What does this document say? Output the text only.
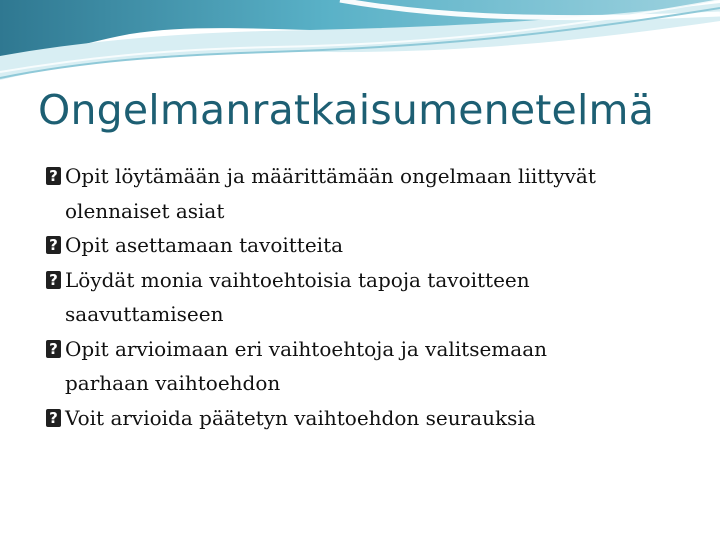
Ongelmanratkaisumenetelmä
? Opit löytämään ja määrittämään ongelmaan liittyvät
olennaiset asiat
? Opit asettamaan tavoitteita
? Löydät monia vaihtoehtoisia tapoja tavoitteen
saavuttamiseen
? Opit arvioimaan eri vaihtoehtoja ja valitsemaan
parhaan vaihtoehdon
? Voit arvioida päätetyn vaihtoehdon seurauksia
